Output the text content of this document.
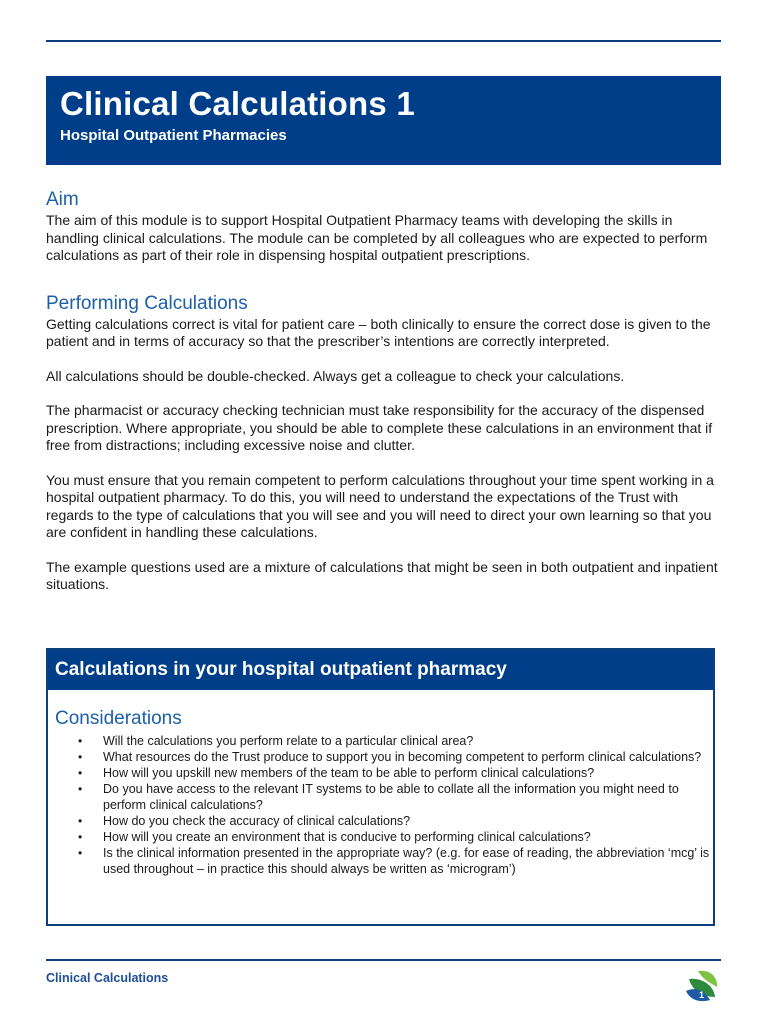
Clinical Calculations 1
Hospital Outpatient Pharmacies
Aim

The aim of this module is to support Hospital Outpatient Pharmacy teams with developing the skills in handling clinical calculations. The module can be completed by all colleagues who are expected to perform calculations as part of their role in dispensing hospital outpatient prescriptions.

Performing Calculations

Getting calculations correct is vital for patient care – both clinically to ensure the correct dose is given to the patient and in terms of accuracy so that the prescriber’s intentions are correctly interpreted.

All calculations should be double-checked. Always get a colleague to check your calculations.

The pharmacist or accuracy checking technician must take responsibility for the accuracy of the dispensed prescription. Where appropriate, you should be able to complete these calculations in an environment that if free from distractions; including excessive noise and clutter.

You must ensure that you remain competent to perform calculations throughout your time spent working in a hospital outpatient pharmacy. To do this, you will need to understand the expectations of the Trust with regards to the type of calculations that you will see and you will need to direct your own learning so that you are confident in handling these calculations.

The example questions used are a mixture of calculations that might be seen in both outpatient and inpatient situations.

Calculations in your hospital outpatient pharmacy
Considerations
• Will the calculations you perform relate to a particular clinical area?
• What resources do the Trust produce to support you in becoming competent to perform clinical calculations?
• How will you upskill new members of the team to be able to perform clinical calculations?
• Do you have access to the relevant IT systems to be able to collate all the information you might need to perform clinical calculations?
• How do you check the accuracy of clinical calculations?
• How will you create an environment that is conducive to performing clinical calculations?
• Is the clinical information presented in the appropriate way? (e.g. for ease of reading, the abbreviation ‘mcg’ is used throughout – in practice this should always be written as ‘microgram’)
Clinical Calculations
1
